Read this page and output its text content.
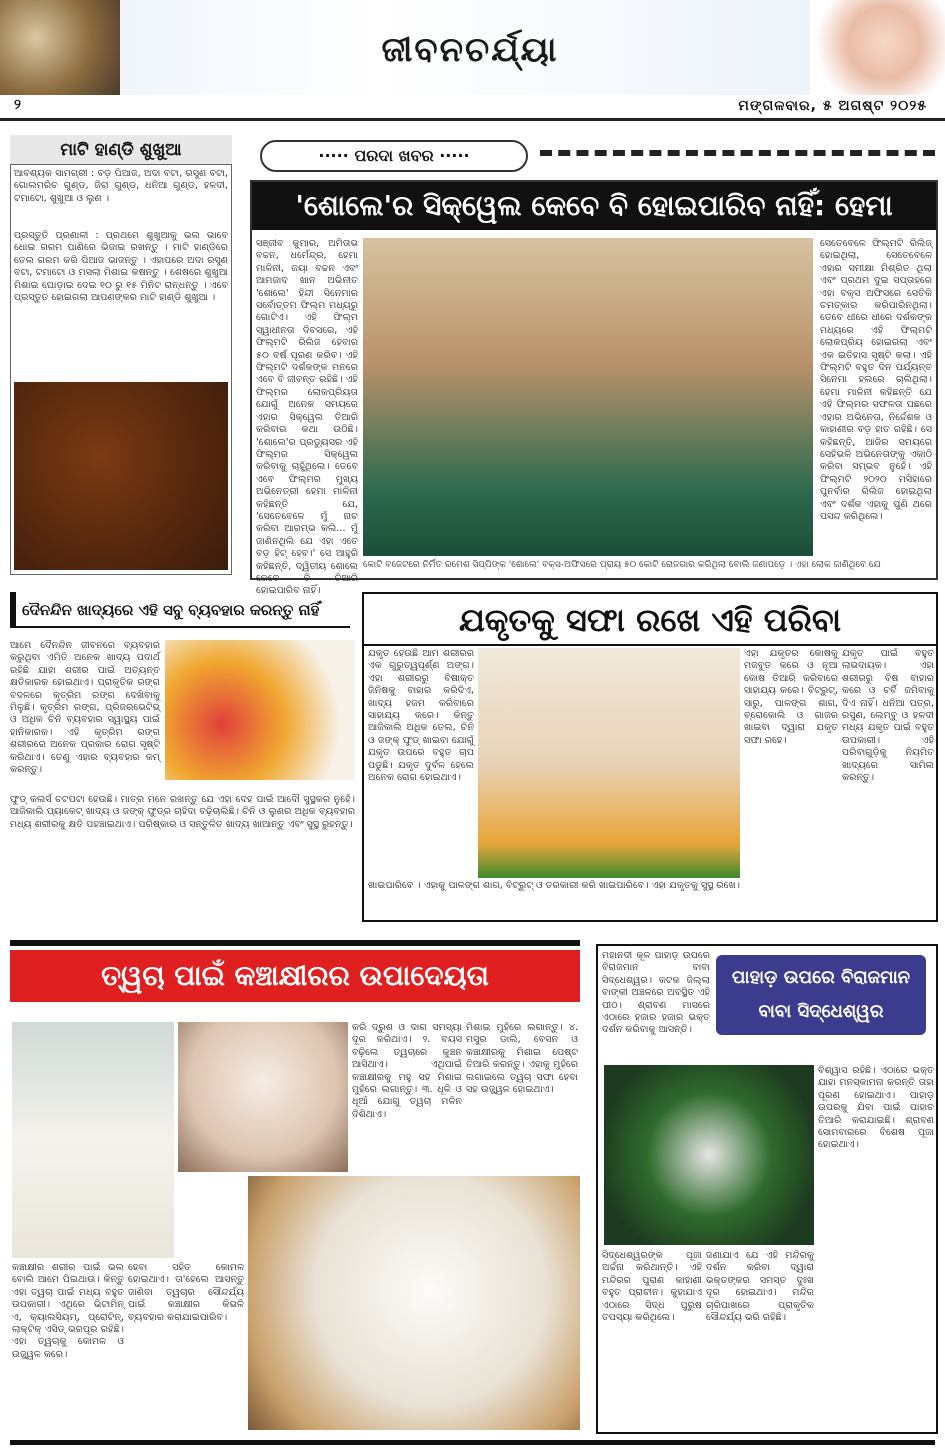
ଜୀବନଚର୍ଯ୍ୟା
୨	ମଙ୍ଗଳବାର, ୫ ଅଗଷ୍ଟ ୨୦୨୫
ମାଟି ହାଣ୍ଡି ଶୁଖୁଆ
ଆବଶ୍ୟକ ସାମଗ୍ରୀ : ବଡ଼ ପିଆଜ, ଅଦା ବଟା, ରସୁଣ ବଟା, ଗୋଲମରିଚ ଗୁଣ୍ଡ, ଜିରା ଗୁଣ୍ଡ, ଧନିଆ ଗୁଣ୍ଡ, ହଳଦୀ, ଟମାଟୋ, ଶୁଖୁଆ ଓ ଲୁଣ ।
ପ୍ରସ୍ତୁତି ପ୍ରଣାଳୀ : ପ୍ରଥମେ ଶୁଖୁଆକୁ ଭଲ ଭାବେ ଧୋଇ ଗରମ ପାଣିରେ ଭିଜାଇ ରଖନ୍ତୁ । ମାଟି ହାଣ୍ଡିରେ ତେଲ ଗରମ କରି ପିଆଜ ଭାଜନ୍ତୁ । ଏହାପରେ ଅଦା ରସୁଣ ବଟା, ଟମାଟୋ ଓ ମସଲା ମିଶାଇ କଷନ୍ତୁ । ଶେଷରେ ଶୁଖୁଆ ମିଶାଇ ଘୋଡ଼ାଇ ଦେଇ ୧୦ ରୁ ୧୫ ମିନିଟ ରାନ୍ଧନ୍ତୁ । ଏବେ ପ୍ରସ୍ତୁତ ହୋଇଗଲା ଆପଣଙ୍କର ମାଟି ହାଣ୍ଡି ଶୁଖୁଆ ।
····· ପରଦା ଖବର ·····
'ଶୋଲେ'ର ସିକ୍ୱେଲ କେବେ ବି ହୋଇପାରିବ ନାହିଁ: ହେମା
ସଞ୍ଜୀବ କୁମାର, ଅମିତାଭ ବଚ୍ଚନ, ଧର୍ମେନ୍ଦ୍ର, ହେମା ମାଳିନୀ, ଜୟା ବଚ୍ଚନ ଏବଂ ଆମଜାଦ ଖାନ ଅଭିନୀତ 'ଶୋଲେ' ହିନ୍ଦୀ ସିନେମାର ସର୍ବୋତ୍ତମ ଫିଲ୍ମ ମଧ୍ୟରୁ ଗୋଟିଏ। ଏହି ଫିଲ୍ମ ସ୍ୱାଧୀନତା ଦିବସରେ, ଏହି ଫିଲ୍ମଟି ରିଲିଜ ହେବାର ୫୦ ବର୍ଷ ପୂରଣ କରିବ। ଏହି ଫିଲ୍ମଟି ଦର୍ଶକଙ୍କ ମନରେ ଏବେ ବି ଜୀବନ୍ତ ରହିଛି। ଏହି ଫିଲ୍ମର ଲୋକପ୍ରିୟତା ଯୋଗୁଁ ଅନେକ ସମୟରେ ଏହାର ସିକ୍ୱେଲ ତିଆରି କରିବାର କଥା ଉଠିଛି। 'ଶୋଲେ'ର ପ୍ରଡ୍ୟୁସର ଏହି ଫିଲ୍ମର ସିକ୍ୱେଲ କରିବାକୁ ଚାହୁଁଥିଲେ। ତେବେ ଏବେ ଫିଲ୍ମର ମୁଖ୍ୟ ଅଭିନେତ୍ରୀ ହେମା ମାଳିନୀ କହିଛନ୍ତି ଯେ, 'ସେତେବେଳେ ମୁଁ ନାଚ କରିବା ଆରମ୍ଭ କଲି... ମୁଁ ଜାଣିନଥିଲି ଯେ ଏହା ଏତେ ବଡ଼ ହିଟ୍ ହେବ।' ସେ ଆହୁରି କହିଛନ୍ତି, ଦ୍ୱିତୀୟ ଶୋଲେ କେବେ ବି ତିଆରି ହୋଇପାରିବ ନାହିଁ।
ସେତେବେଳେ ଫିଲ୍ମଟି ରିଲିଜ୍ ହୋଇଥିଲା, ସେତେବେଳେ ଏହାର ସମୀକ୍ଷା ମିଶ୍ରିତ ଥିଲା ଏବଂ ପ୍ରଥମ ଦୁଇ ସପ୍ତାହରେ ଏହା ବକ୍ସ ଅଫିସରେ ସେତିକି ଚମତ୍କାର କରିପାରିନଥିଲା। ତେବେ ଧୀରେ ଧୀରେ ଦର୍ଶକଙ୍କ ମଧ୍ୟରେ ଏହି ଫିଲ୍ମଟି ଲୋକପ୍ରିୟ ହୋଇଗଲା ଏବଂ ଏକ ଇତିହାସ ସୃଷ୍ଟି କଲା। ଏହି ଫିଲ୍ମଟି ବହୁତ ଦିନ ପର୍ଯ୍ୟନ୍ତ ସିନେମା ହଲରେ ଚାଲିଥିଲା। ହେମା ମାଳିନୀ କହିଛନ୍ତି ଯେ ଏହି ଫିଲ୍ମର ସଫଳତା ପଛରେ ଏହାର ଅଭିନେତା, ନିର୍ଦ୍ଦେଶକ ଓ କାହାଣୀର ବଡ଼ ହାତ ରହିଛି। ସେ କହିଛନ୍ତି, ଆଜିର ସମୟରେ ସେହିଭଳି ଅଭିନେତାଙ୍କୁ ଏକାଠି କରିବା ସମ୍ଭବ ନୁହେଁ। ଏହି ଫିଲ୍ମଟି ୨୦୨୦ ମସିହାରେ ପୁନର୍ବାର ରିଲିଜ ହୋଇଥିଲା ଏବଂ ଦର୍ଶକ ଏହାକୁ ପୁଣି ଥରେ ପସନ୍ଦ କରିଥିଲେ।
କୋଟି ବଜେଟରେ ନିର୍ମିତ ରମେଶ ସିପ୍ପିଙ୍କ 'ଶୋଲେ' ବକ୍ସ-ଅଫିସରେ ପ୍ରାୟ ୫୦ କୋଟି ରୋଜଗାର କରିଥିଲା ବୋଲି ଜଣାପଡ଼େ । ଏହା ଲୋକ ଜାଣିଥିବେ ଯେ
ଦୈନନ୍ଦିନ ଖାଦ୍ୟରେ ଏହି ସବୁ ବ୍ୟବହାର କରନ୍ତୁ ନାହିଁ
ଆମେ ଦୈନନ୍ଦିନ ଜୀବନରେ ବ୍ୟବହାର କରୁଥିବା ଏମିତି ଅନେକ ଖାଦ୍ୟ ପଦାର୍ଥ ରହିଛି ଯାହା ଶରୀର ପାଇଁ ଅତ୍ୟନ୍ତ କ୍ଷତିକାରକ ହୋଇଥାଏ। ପ୍ରାକୃତିକ ରଙ୍ଗ ବଦଳରେ କୃତ୍ରିମ ରଙ୍ଗ ଦେଖିବାକୁ ମିଳୁଛି। କୃତ୍ରିମ ରଙ୍ଗ, ପ୍ରିଜରଭେଟିଭ୍ ଓ ଅଧିକ ଚିନି ବ୍ୟବହାର ସ୍ୱାସ୍ଥ୍ୟ ପାଇଁ ହାନିକାରକ। ଏହି କୃତ୍ରିମ ରଙ୍ଗ ଶରୀରରେ ଅନେକ ପ୍ରକାର ରୋଗ ସୃଷ୍ଟି କରିଥାଏ। ତେଣୁ ଏହାର ବ୍ୟବହାର କମ୍ କରନ୍ତୁ।
ଫୁଡ୍ କଲର୍ସ ଚଟପଟା ହେଉଛି। ମାତ୍ର ମନେ ରଖନ୍ତୁ ଯେ ଏହା ଦେହ ପାଇଁ ଆଦୌ ସୁସ୍ଥକର ନୁହେଁ। ଆଜିକାଲି ପ୍ୟାକେଟ୍ ଖାଦ୍ୟ ଓ ଜଙ୍କ୍ ଫୁଡ୍‌ର ଚାହିଦା ବଢ଼ିଚାଲିଛି। ଚିନି ଓ ଲୁଣର ଅଧିକ ବ୍ୟବହାର ମଧ୍ୟ ଶରୀରକୁ କ୍ଷତି ପହଞ୍ଚାଇଥାଏ। ପରିଷ୍କାର ଓ ସନ୍ତୁଳିତ ଖାଦ୍ୟ ଖାଆନ୍ତୁ ଏବଂ ସୁସ୍ଥ ରୁହନ୍ତୁ।
ଯକୃତକୁ ସଫା ରଖେ ଏହି ପରିବା
ଯକୃତ ହେଉଛି ଆମ ଶରୀରର ଏକ ଗୁରୁତ୍ୱପୂର୍ଣ୍ଣ ଅଙ୍ଗ। ଏହା ଶରୀରରୁ ବିଷାକ୍ତ ଜିନିଷକୁ ବାହାର କରିଦିଏ, ଖାଦ୍ୟ ହଜମ କରିବାରେ ସାହାଯ୍ୟ କରେ। କିନ୍ତୁ ଆଜିକାଲି ଅଧିକ ତେଲ, ଚିନି ଓ ଜଙ୍କ୍ ଫୁଡ୍ ଖାଇବା ଯୋଗୁଁ ଯକୃତ ଉପରେ ବହୁତ ଚାପ ପଡୁଛି। ଯକୃତ ଦୁର୍ବଳ ହେଲେ ଅନେକ ରୋଗ ହୋଇଥାଏ।
ଏହା ଯକୃତର କୋଷକୁ ମଜବୁତ କରେ ଓ ନୂଆ କୋଷ ତିଆରି କରିବାରେ ସାହାଯ୍ୟ କରେ। ବିଟ୍‌ରୁଟ୍, ସାରୁ, ପାଳଙ୍ଗ ଶାଗ, ବ୍ରୋକୋଲି ଓ ଗାଜର ଖାଇବା ଦ୍ୱାରା ଯକୃତ ସଫା ରହେ।
ଯକୃତ ପାଇଁ ବହୁତ ଲାଭଦାୟକ। ଏହା ଶରୀରରୁ ବିଷ ବାହାର କରେ ଓ ଚର୍ବି ଜମିବାକୁ ଦିଏ ନାହିଁ। ଧନିଆ ପତ୍ର, ରସୁଣ, ଲେମ୍ବୁ ଓ ହଳଦୀ ମଧ୍ୟ ଯକୃତ ପାଇଁ ବହୁତ ଉପକାରୀ। ଏହି ପରିବାଗୁଡ଼ିକୁ ନିୟମିତ ଖାଦ୍ୟରେ ସାମିଲ କରନ୍ତୁ।
ଖାଇପାରିବେ । ଏହାକୁ ପାଳଙ୍ଗ ଶାଗ, ବିଟ୍‌ରୁଟ୍ ଓ ତରକାରୀ କରି ଖାଇପାରିବେ। ଏହା ଯକୃତକୁ ସୁସ୍ଥ ରଖେ।
ତ୍ୱଚା ପାଇଁ କଞ୍ଚାକ୍ଷୀରର ଉପାଦେୟତା
କରି ଦ୍ରୁଶ ଓ ଦାଗ ସମସ୍ୟା ଦୂର କରିଥାଏ। ୨. ବୟସ ବଢ଼ିଲେ ତ୍ୱଚାରେ କୁଞ୍ଚନ ଆସିଥାଏ। ଏଥିପାଇଁ କଞ୍ଚାକ୍ଷୀରକୁ ମହୁ ସହ ମିଶାଇ ମୁହଁରେ ଲଗାନ୍ତୁ। ୩. ଧୂଳି ଓ ଧୂଆଁ ଯୋଗୁ ତ୍ୱଚା ମଳିନ ଦିଶିଥାଏ।
ମିଶାଇ ମୁହଁରେ ଲଗାନ୍ତୁ। ୪. ମସୁର ଡାଲି, ବେସନ ଓ କଞ୍ଚାକ୍ଷୀରକୁ ମିଶାଇ ପେଷ୍ଟ ତିଆରି କରନ୍ତୁ। ଏହାକୁ ମୁହଁରେ ଲଗାଇଲେ ତ୍ୱଚା ସଫା ହେବା ସହ ଉଜ୍ଜ୍ୱଳ ହୋଇଥାଏ।
କଞ୍ଚାକ୍ଷୀର ଶରୀର ପାଇଁ ଭଲ ବୋଲି ଆମେ ପିଇଥାଉ। କିନ୍ତୁ ଏହା ତ୍ୱଚା ପାଇଁ ମଧ୍ୟ ବହୁତ ଉପକାରୀ। ଏଥିରେ ଭିଟାମିନ୍ ଏ, କ୍ୟାଲସିୟମ୍, ପ୍ରୋଟିନ୍, ଲାକ୍ଟିକ୍ ଏସିଡ୍ ଭରପୂର ରହିଛି। ଏହା ତ୍ୱଚାକୁ କୋମଳ ଓ ଉଜ୍ଜ୍ୱଳ କରେ।
ହେବା ସହିତ କୋମଳ ହୋଇଥାଏ। ତା'ହେଲେ ଆସନ୍ତୁ ଜାଣିବା ତ୍ୱଚାର ସୌନ୍ଦର୍ଯ୍ୟ ପାଇଁ କଞ୍ଚାକ୍ଷୀର କିଭଳି ବ୍ୟବହାର କରାଯାଇପାରିବ।
ମହାନଦୀ କୂଳ ପାହାଡ଼ ଉପରେ ବିରାଜମାନ ବାବା ସିଦ୍ଧେଶ୍ୱର। କଟକ ଜିଲ୍ଲା ବାଙ୍କୀ ଅଞ୍ଚଳରେ ଅବସ୍ଥିତ ଏହି ପୀଠ। ଶ୍ରାବଣ ମାସରେ ଏଠାରେ ହଜାର ହଜାର ଭକ୍ତ ଦର୍ଶନ କରିବାକୁ ଆସନ୍ତି।
ପାହାଡ଼ ଉପରେ ବିରାଜମାନ ବାବା ସିଦ୍ଧେଶ୍ୱର
ବିଶ୍ୱାସ ରହିଛି। ଏଠାରେ ଭକ୍ତ ଯାହା ମନସ୍କାମନା କରନ୍ତି ତାହା ପୂରଣ ହୋଇଥାଏ। ପାହାଡ଼ ଉପରକୁ ଯିବା ପାଇଁ ପାହାଚ ତିଆରି କରାଯାଇଛି। ଶ୍ରାବଣ ସୋମବାରରେ ବିଶେଷ ପୂଜା ହୋଇଥାଏ।
ସିଦ୍ଧେଶ୍ୱରଙ୍କ ପୂଜା ଅର୍ଚ୍ଚନା କରିଥାନ୍ତି। ଏହି ମନ୍ଦିରର ପୁରାଣ କାହାଣୀ ବହୁତ ପ୍ରାଚୀନ। କୁହାଯାଏ ଏଠାରେ ସିଦ୍ଧ ପୁରୁଷ ତପସ୍ୟା କରିଥିଲେ।
ଜଣାଯାଏ ଯେ ଏହି ମନ୍ଦିରକୁ ଦର୍ଶନ କରିବା ଦ୍ୱାରା ଭକ୍ତଙ୍କର ସମସ୍ତ ଦୁଃଖ ଦୂର ହୋଇଥାଏ। ମନ୍ଦିର ଚାରିପାଖରେ ପ୍ରାକୃତିକ ସୌନ୍ଦର୍ଯ୍ୟ ଭରି ରହିଛି।
